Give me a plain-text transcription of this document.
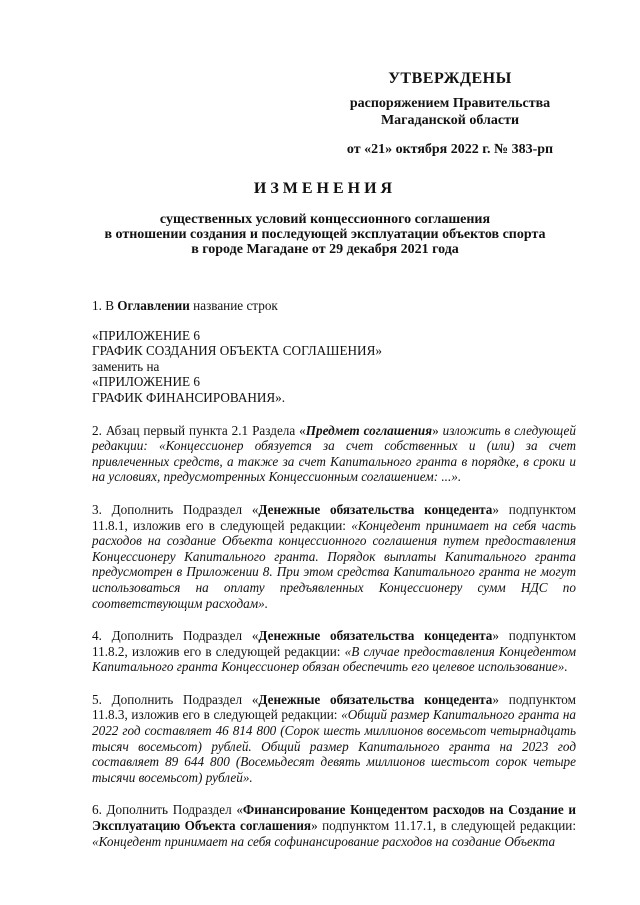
УТВЕРЖДЕНЫ
распоряжением Правительства
Магаданской области
от «21» октября 2022 г. № 383-рп
ИЗМЕНЕНИЯ
существенных условий концессионного соглашения
в отношении создания и последующей эксплуатации объектов спорта
в городе Магадане от 29 декабря 2021 года
1. В Оглавлении название строк
«ПРИЛОЖЕНИЕ 6
ГРАФИК СОЗДАНИЯ ОБЪЕКТА СОГЛАШЕНИЯ»
заменить на
«ПРИЛОЖЕНИЕ 6
ГРАФИК ФИНАНСИРОВАНИЯ».
2. Абзац первый пункта 2.1 Раздела «Предмет соглашения» изложить в следующей редакции: «Концессионер обязуется за счет собственных и (или) за счет привлеченных средств, а также за счет Капитального гранта в порядке, в сроки и на условиях, предусмотренных Концессионным соглашением: ...».
3. Дополнить Подраздел «Денежные обязательства концедента» подпунктом 11.8.1, изложив его в следующей редакции: «Концедент принимает на себя часть расходов на создание Объекта концессионного соглашения путем предоставления Концессионеру Капитального гранта. Порядок выплаты Капитального гранта предусмотрен в Приложении 8. При этом средства Капитального гранта не могут использоваться на оплату предъявленных Концессионеру сумм НДС по соответствующим расходам».
4. Дополнить Подраздел «Денежные обязательства концедента» подпунктом 11.8.2, изложив его в следующей редакции: «В случае предоставления Концедентом Капитального гранта Концессионер обязан обеспечить его целевое использование».
5. Дополнить Подраздел «Денежные обязательства концедента» подпунктом 11.8.3, изложив его в следующей редакции: «Общий размер Капитального гранта на 2022 год составляет 46 814 800 (Сорок шесть миллионов восемьсот четырнадцать тысяч восемьсот) рублей. Общий размер Капитального гранта на 2023 год составляет 89 644 800 (Восемьдесят девять миллионов шестьсот сорок четыре тысячи восемьсот) рублей».
6. Дополнить Подраздел «Финансирование Концедентом расходов на Создание и Эксплуатацию Объекта соглашения» подпунктом 11.17.1, в следующей редакции: «Концедент принимает на себя софинансирование расходов на создание Объекта
